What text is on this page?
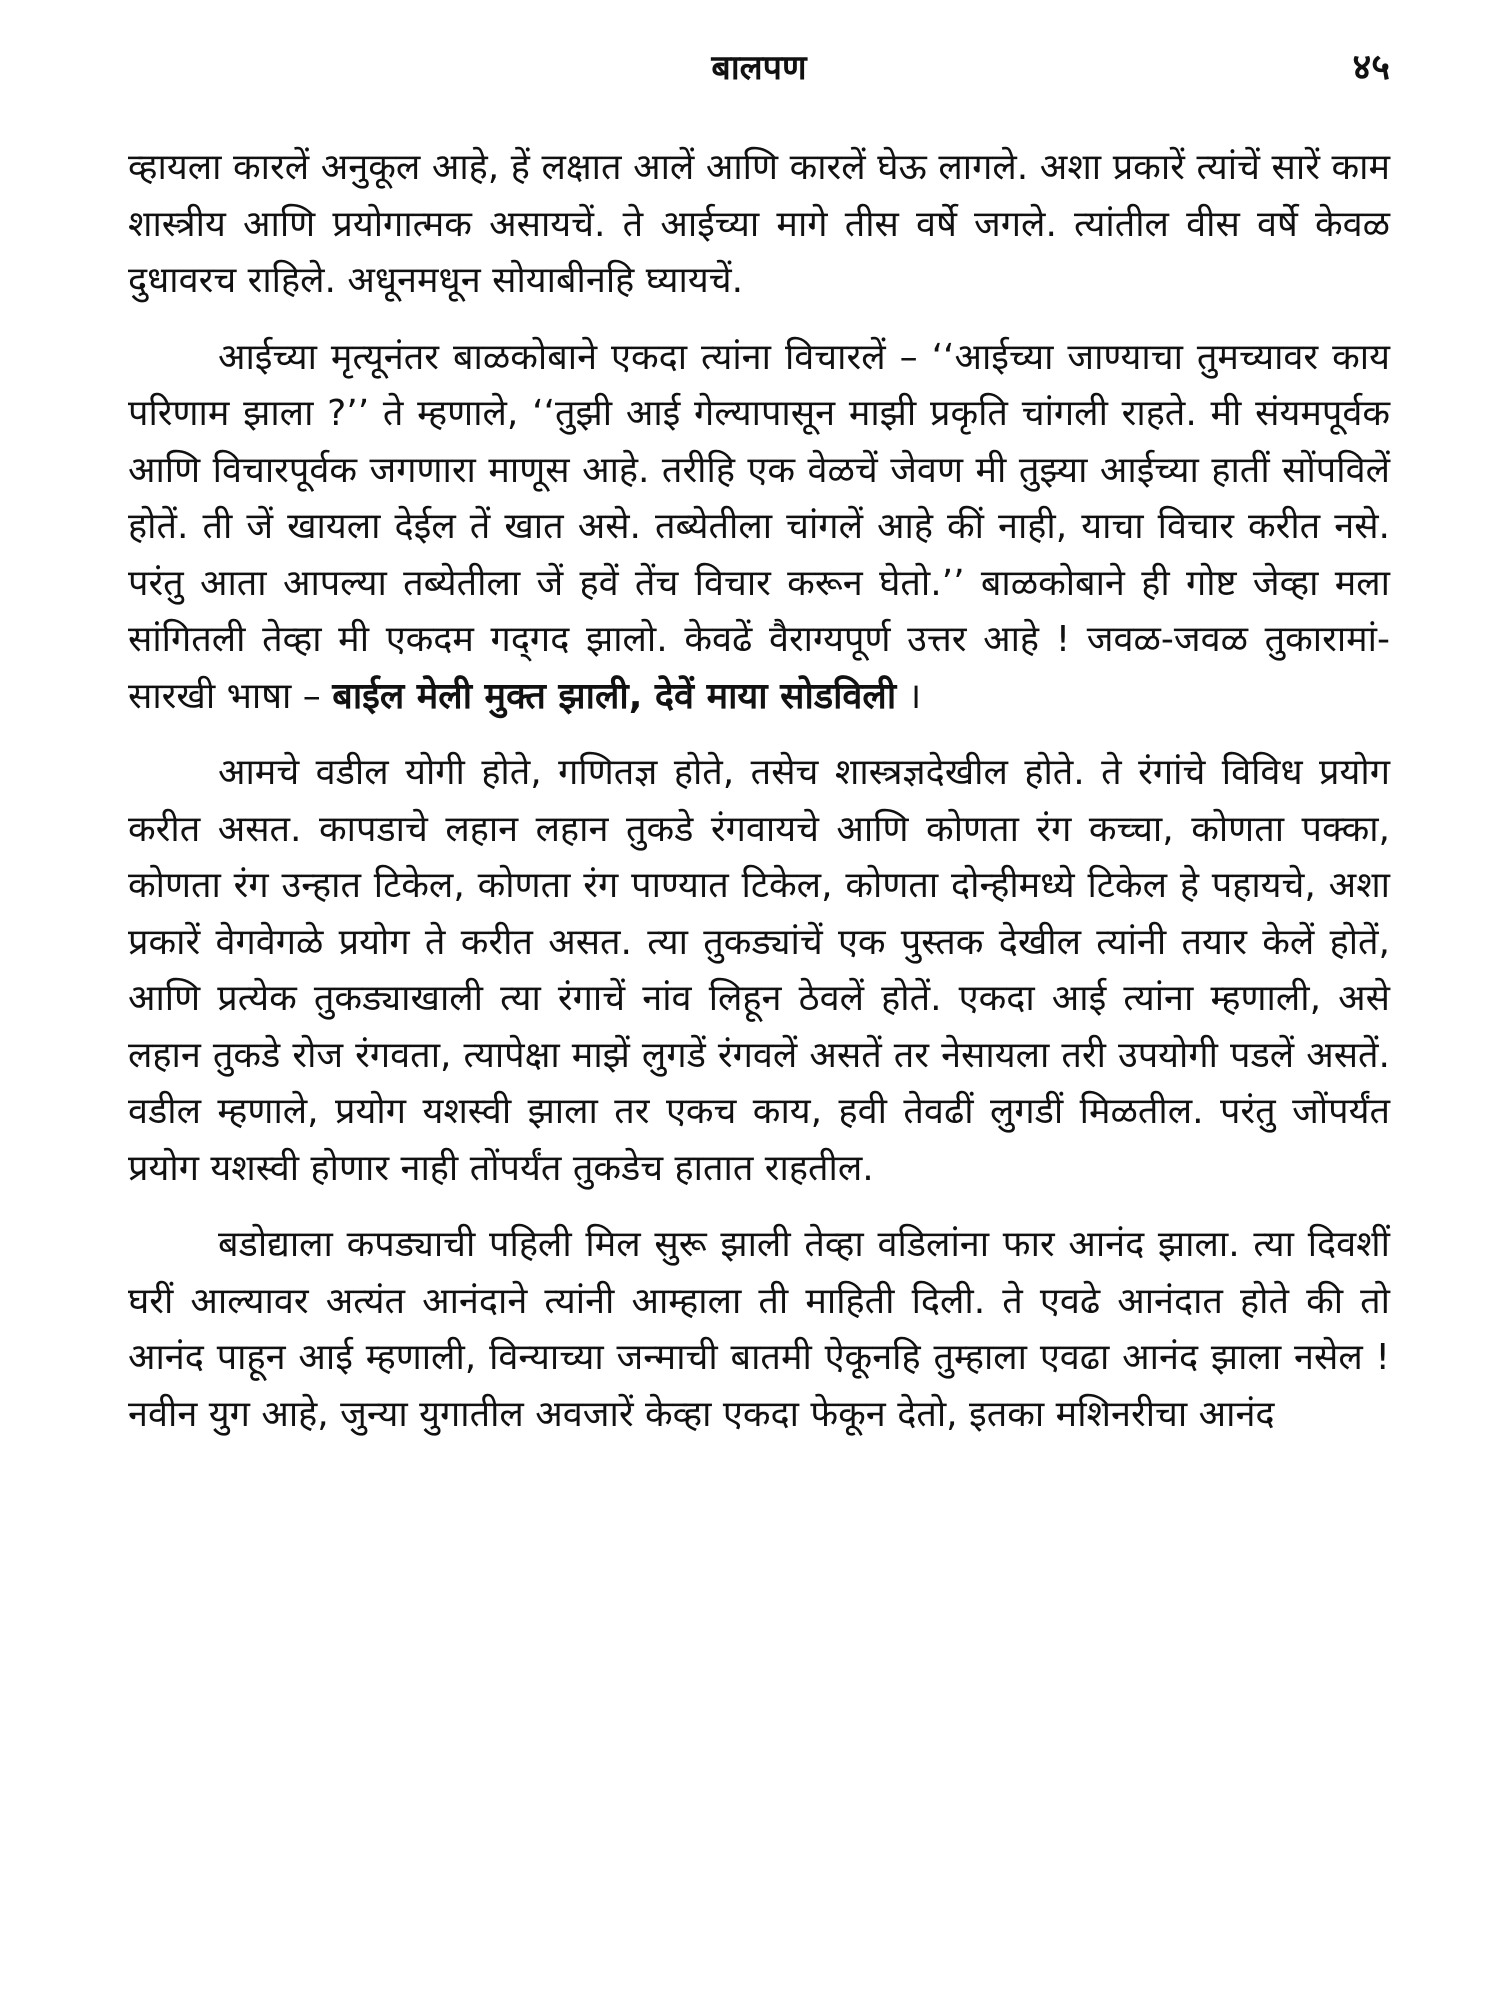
बालपण	४५

व्हायला कारलें अनुकूल आहे, हें लक्षात आलें आणि कारलें घेऊ लागले. अशा प्रकारें त्यांचें सारें काम शास्त्रीय आणि प्रयोगात्मक असायचें. ते आईच्या मागे तीस वर्षे जगले. त्यांतील वीस वर्षे केवळ दुधावरच राहिले. अधूनमधून सोयाबीनहि घ्यायचें.

आईच्या मृत्यूनंतर बाळकोबाने एकदा त्यांना विचारलें – ‘‘आईच्या जाण्याचा तुमच्यावर काय परिणाम झाला ?’’ ते म्हणाले, ‘‘तुझी आई गेल्यापासून माझी प्रकृति चांगली राहते. मी संयमपूर्वक आणि विचारपूर्वक जगणारा माणूस आहे. तरीहि एक वेळचें जेवण मी तुझ्या आईच्या हातीं सोंपविलें होतें. ती जें खायला देईल तें खात असे. तब्येतीला चांगलें आहे कीं नाही, याचा विचार करीत नसे. परंतु आता आपल्या तब्येतीला जें हवें तेंच विचार करून घेतो.’’ बाळकोबाने ही गोष्ट जेव्हा मला सांगितली तेव्हा मी एकदम गद्‌गद झालो. केवढें वैराग्यपूर्ण उत्तर आहे ! जवळ-जवळ तुकारामां-सारखी भाषा – बाईल मेली मुक्त झाली, देवें माया सोडविली ।

आमचे वडील योगी होते, गणितज्ञ होते, तसेच शास्त्रज्ञदेखील होते. ते रंगांचे विविध प्रयोग करीत असत. कापडाचे लहान लहान तुकडे रंगवायचे आणि कोणता रंग कच्चा, कोणता पक्का, कोणता रंग उन्हात टिकेल, कोणता रंग पाण्यात टिकेल, कोणता दोन्हीमध्ये टिकेल हे पहायचे, अशा प्रकारें वेगवेगळे प्रयोग ते करीत असत. त्या तुकड्यांचें एक पुस्तक देखील त्यांनी तयार केलें होतें, आणि प्रत्येक तुकड्याखाली त्या रंगाचें नांव लिहून ठेवलें होतें. एकदा आई त्यांना म्हणाली, असे लहान तुकडे रोज रंगवता, त्यापेक्षा माझें लुगडें रंगवलें असतें तर नेसायला तरी उपयोगी पडलें असतें. वडील म्हणाले, प्रयोग यशस्वी झाला तर एकच काय, हवी तेवढीं लुगडीं मिळतील. परंतु जोंपर्यंत प्रयोग यशस्वी होणार नाही तोंपर्यंत तुकडेच हातात राहतील.

बडोद्याला कपड्याची पहिली मिल सुरू झाली तेव्हा वडिलांना फार आनंद झाला. त्या दिवशीं घरीं आल्यावर अत्यंत आनंदाने त्यांनी आम्हाला ती माहिती दिली. ते एवढे आनंदात होते की तो आनंद पाहून आई म्हणाली, विन्याच्या जन्माची बातमी ऐकूनहि तुम्हाला एवढा आनंद झाला नसेल ! नवीन युग आहे, जुन्या युगातील अवजारें केव्हा एकदा फेकून देतो, इतका मशिनरीचा आनंद
